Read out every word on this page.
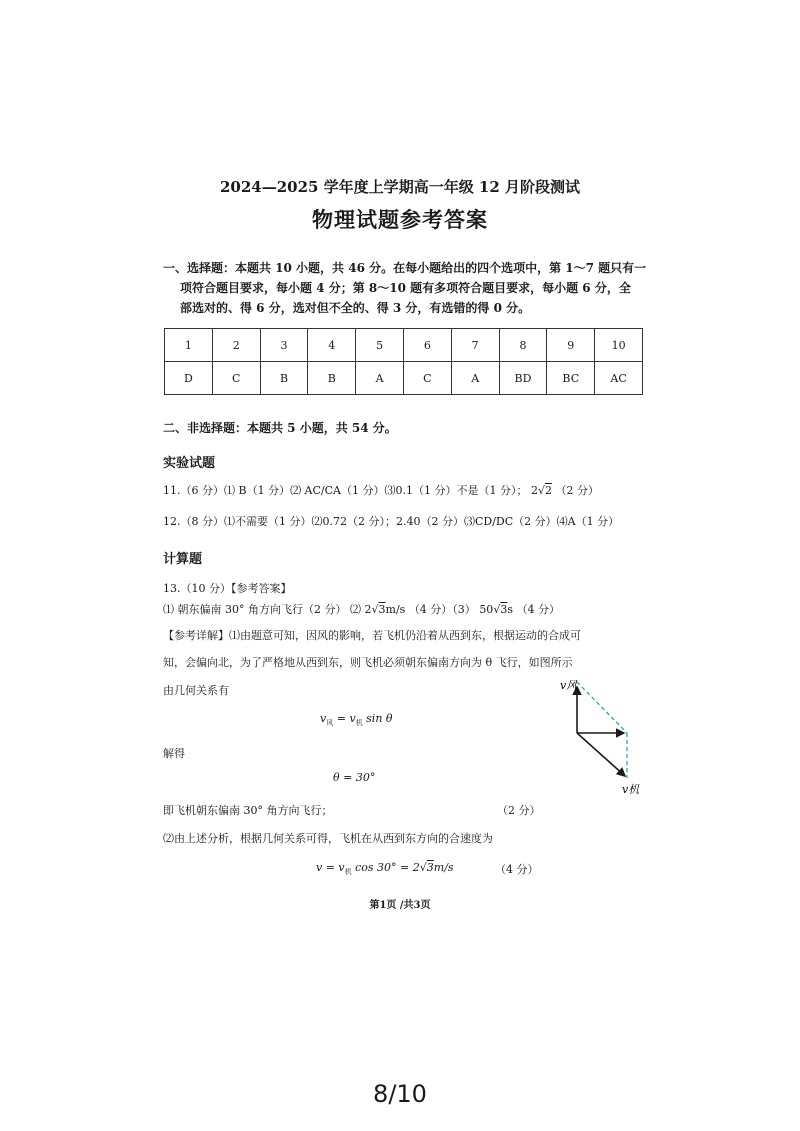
2024—2025 学年度上学期高一年级 12 月阶段测试
物理试题参考答案
一、选择题：本题共 10 小题，共 46 分。在每小题给出的四个选项中，第 1～7 题只有一
项符合题目要求，每小题 4 分；第 8～10 题有多项符合题目要求，每小题 6 分，全
部选对的、得 6 分，选对但不全的、得 3 分，有选错的得 0 分。
1	2	3	4	5	6	7	8	9	10
D	C	B	B	A	C	A	BD	BC	AC
二、非选择题：本题共 5 小题，共 54 分。
实验试题
11.（6 分）⑴ B（1 分）⑵ AC/CA（1 分）⑶0.1（1 分）不是（1 分）； 2√2 （2 分）
12.（8 分）⑴不需要（1 分）⑵0.72（2 分）；2.40（2 分）⑶CD/DC（2 分）⑷A（1 分）
计算题
13.（10 分）【参考答案】
⑴ 朝东偏南 30° 角方向飞行（2 分） ⑵ 2√3m/s （4 分）（3） 50√3s （4 分）
【参考详解】⑴由题意可知，因风的影响，若飞机仍沿着从西到东，根据运动的合成可
知，会偏向北，为了严格地从西到东，则飞机必须朝东偏南方向为 θ 飞行，如图所示
由几何关系有
$v_风 = v_机$ sin θ
解得
θ = 30°
即飞机朝东偏南 30° 角方向飞行；	（2 分）
⑵由上述分析，根据几何关系可得，飞机在从西到东方向的合速度为
$v = v_机$ cos 30° = 2√3m/s	（4 分）
v风
v机
第1页 /共3页
8/10
